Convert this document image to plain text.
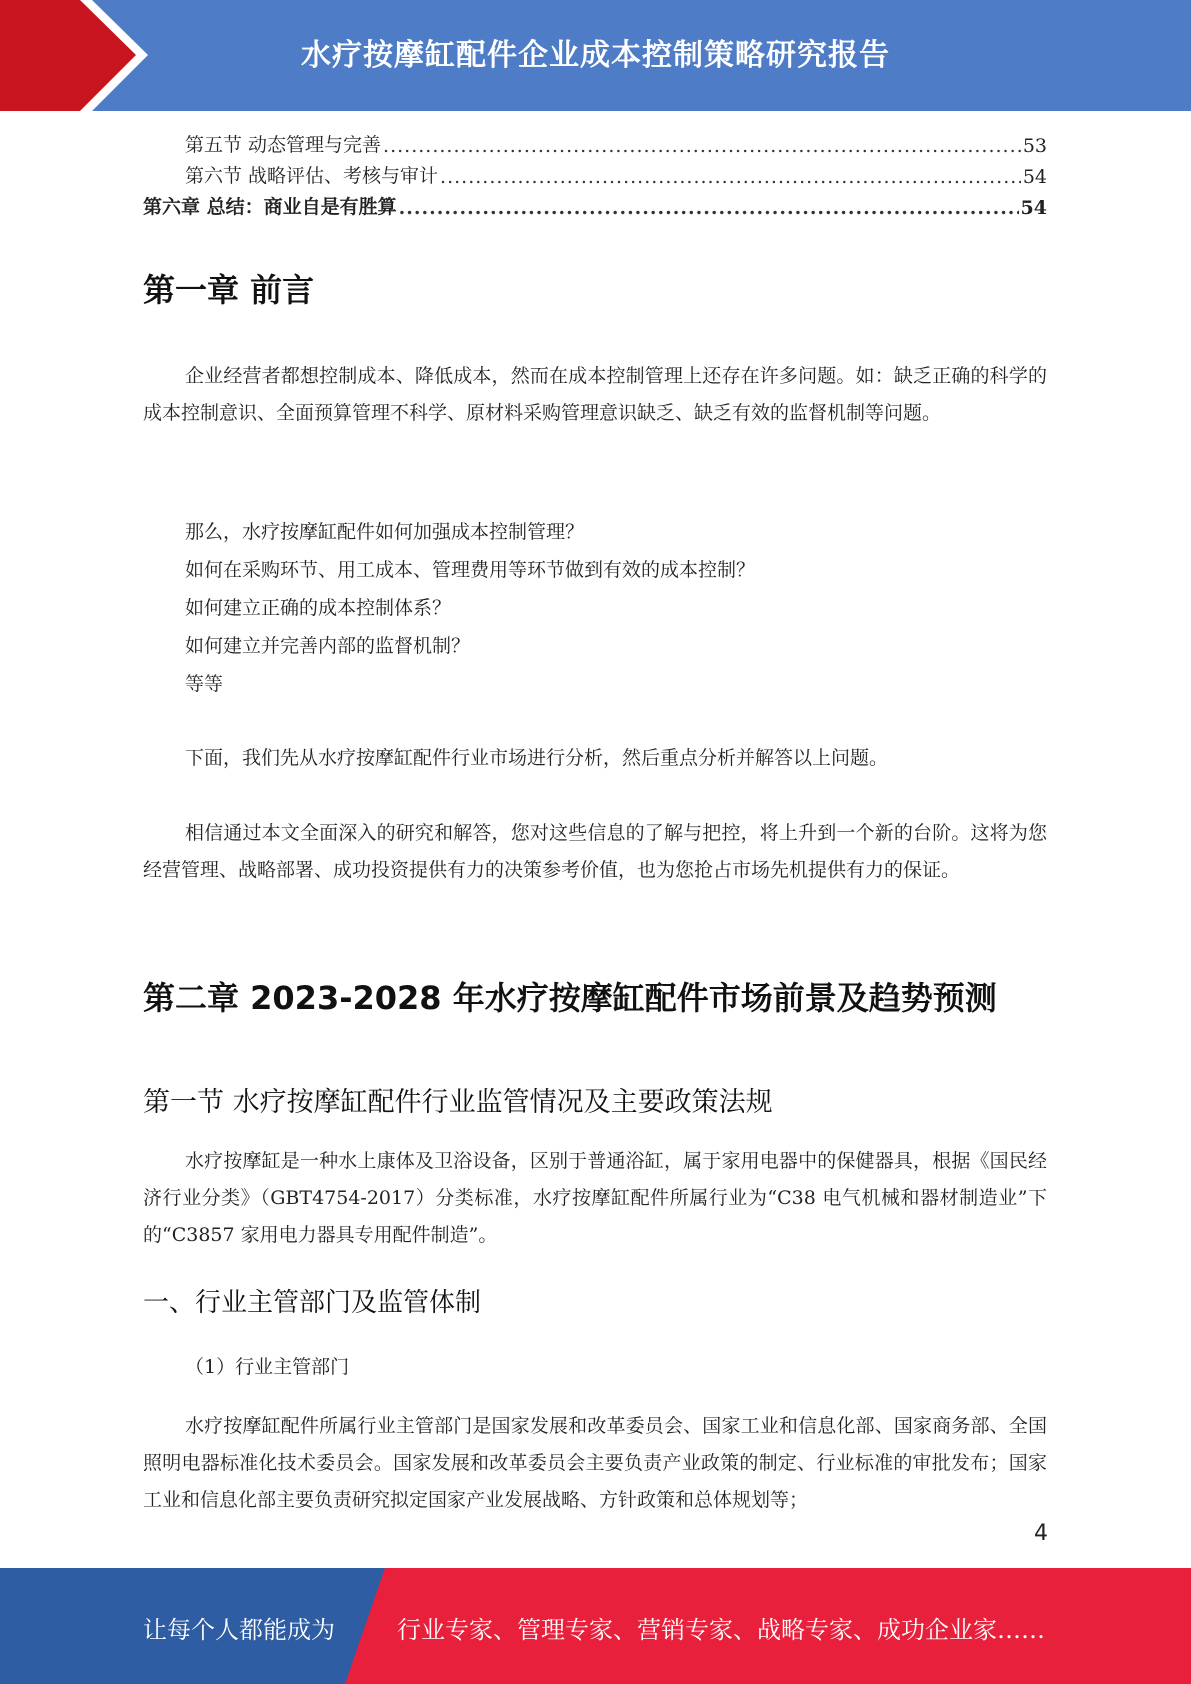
水疗按摩缸配件企业成本控制策略研究报告
第五节 动态管理与完善 .....	53
第六节 战略评估、考核与审计 .....	54
第六章 总结：商业自是有胜算 .....	54
第一章 前言

企业经营者都想控制成本、降低成本，然而在成本控制管理上还存在许多问题。如：缺乏正确的科学的成本控制意识、全面预算管理不科学、原材料采购管理意识缺乏、缺乏有效的监督机制等问题。

那么，水疗按摩缸配件如何加强成本控制管理？
如何在采购环节、用工成本、管理费用等环节做到有效的成本控制？
如何建立正确的成本控制体系？
如何建立并完善内部的监督机制？
等等

下面，我们先从水疗按摩缸配件行业市场进行分析，然后重点分析并解答以上问题。

相信通过本文全面深入的研究和解答，您对这些信息的了解与把控，将上升到一个新的台阶。这将为您经营管理、战略部署、成功投资提供有力的决策参考价值，也为您抢占市场先机提供有力的保证。

第二章 2023-2028 年水疗按摩缸配件市场前景及趋势预测
第一节 水疗按摩缸配件行业监管情况及主要政策法规

水疗按摩缸是一种水上康体及卫浴设备，区别于普通浴缸，属于家用电器中的保健器具，根据《国民经济行业分类》（GBT4754-2017）分类标准，水疗按摩缸配件所属行业为“C38 电气机械和器材制造业”下的“C3857 家用电力器具专用配件制造”。

一、行业主管部门及监管体制
（1）行业主管部门

水疗按摩缸配件所属行业主管部门是国家发展和改革委员会、国家工业和信息化部、国家商务部、全国照明电器标准化技术委员会。国家发展和改革委员会主要负责产业政策的制定、行业标准的审批发布；国家工业和信息化部主要负责研究拟定国家产业发展战略、方针政策和总体规划等；

4
让每个人都能成为	行业专家、管理专家、营销专家、战略专家、成功企业家……
